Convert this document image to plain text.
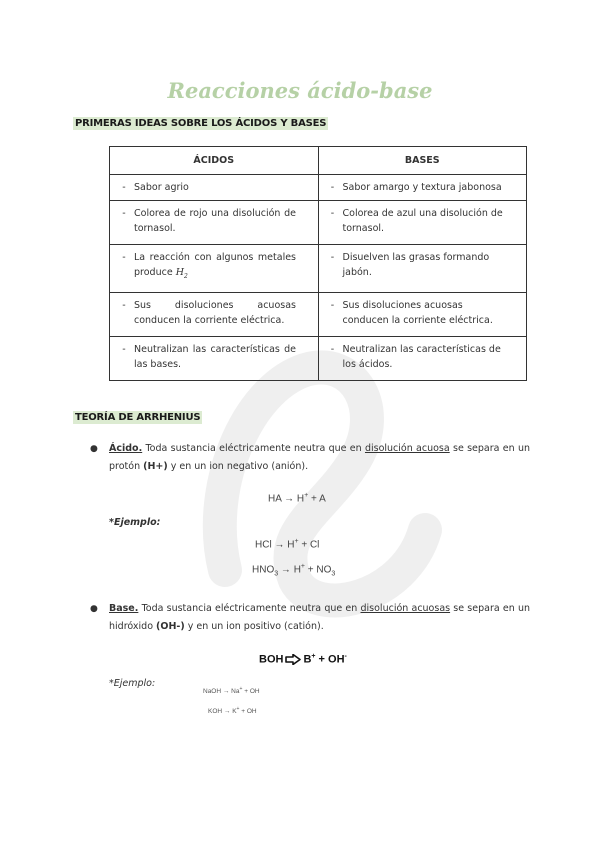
Reacciones ácido-base
PRIMERAS IDEAS SOBRE LOS ÁCIDOS Y BASES
ÁCIDOS	BASES
- Sabor agrio	- Sabor amargo y textura jabonosa
- Colorea de rojo una disolución de tornasol.	- Colorea de azul una disolución de tornasol.
- La reacción con algunos metales produce $H_2$	- Disuelven las grasas formando jabón.
- Sus disoluciones acuosas conducen la corriente eléctrica.	- Sus disoluciones acuosas conducen la corriente eléctrica.
- Neutralizan las características de las bases.	- Neutralizan las características de los ácidos.
TEORÍA DE ARRHENIUS
● Ácido. Toda sustancia eléctricamente neutra que en disolución acuosa se separa en un protón (H+) y en un ion negativo (anión).
HA → H+ + A
*Ejemplo:
HCl → H+ + Cl
$HNO_3 \to H^+ + NO_3$
● Base. Toda sustancia eléctricamente neutra que en disolución acuosas se separa en un hidróxido (OH-) y en un ion positivo (catión).
BOH B+ + OH-
*Ejemplo:
NaOH → Na+ + OH
KOH → K+ + OH
